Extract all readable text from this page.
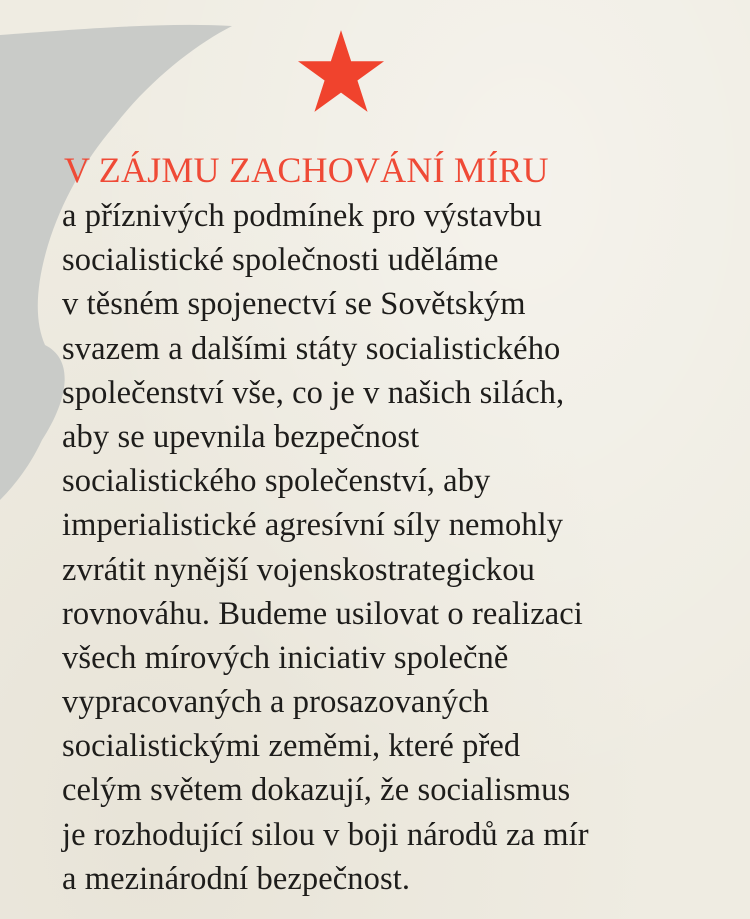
V ZÁJMU ZACHOVÁNÍ MÍRU
a příznivých podmínek pro výstavbu
socialistické společnosti uděláme
v těsném spojenectví se Sovětským
svazem a dalšími státy socialistického
společenství vše, co je v našich silách,
aby se upevnila bezpečnost
socialistického společenství, aby
imperialistické agresívní síly nemohly
zvrátit nynější vojenskostrategickou
rovnováhu. Budeme usilovat o realizaci
všech mírových iniciativ společně
vypracovaných a prosazovaných
socialistickými zeměmi, které před
celým světem dokazují, že socialismus
je rozhodující silou v boji národů za mír
a mezinárodní bezpečnost.
